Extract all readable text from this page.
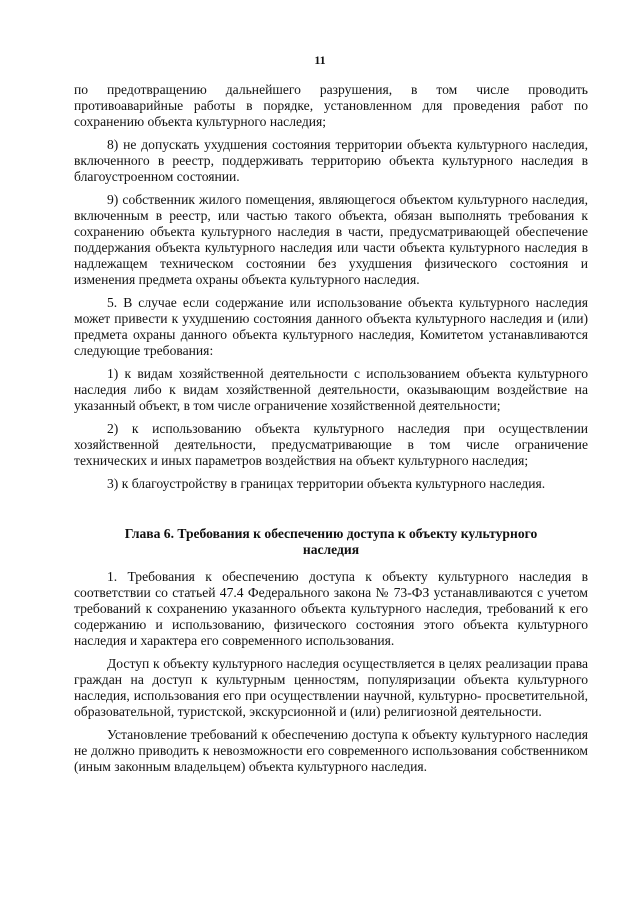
11

по предотвращению дальнейшего разрушения, в том числе проводить противоаварийные работы в порядке, установленном для проведения работ по сохранению объекта культурного наследия;

8) не допускать ухудшения состояния территории объекта культурного наследия, включенного в реестр, поддерживать территорию объекта культурного наследия в благоустроенном состоянии.

9) собственник жилого помещения, являющегося объектом культурного наследия, включенным в реестр, или частью такого объекта, обязан выполнять требования к сохранению объекта культурного наследия в части, предусматривающей обеспечение поддержания объекта культурного наследия или части объекта культурного наследия в надлежащем техническом состоянии без ухудшения физического состояния и изменения предмета охраны объекта культурного наследия.

5. В случае если содержание или использование объекта культурного наследия может привести к ухудшению состояния данного объекта культурного наследия и (или) предмета охраны данного объекта культурного наследия, Комитетом устанавливаются следующие требования:

1) к видам хозяйственной деятельности с использованием объекта культурного наследия либо к видам хозяйственной деятельности, оказывающим воздействие на указанный объект, в том числе ограничение хозяйственной деятельности;

2) к использованию объекта культурного наследия при осуществлении хозяйственной деятельности, предусматривающие в том числе ограничение технических и иных параметров воздействия на объект культурного наследия;

3) к благоустройству в границах территории объекта культурного наследия.

Глава 6. Требования к обеспечению доступа к объекту культурного наследия

1. Требования к обеспечению доступа к объекту культурного наследия в соответствии со статьей 47.4 Федерального закона № 73-ФЗ устанавливаются с учетом требований к сохранению указанного объекта культурного наследия, требований к его содержанию и использованию, физического состояния этого объекта культурного наследия и характера его современного использования.

Доступ к объекту культурного наследия осуществляется в целях реализации права граждан на доступ к культурным ценностям, популяризации объекта культурного наследия, использования его при осуществлении научной, культурно- просветительной, образовательной, туристской, экскурсионной и (или) религиозной деятельности.

Установление требований к обеспечению доступа к объекту культурного наследия не должно приводить к невозможности его современного использования собственником (иным законным владельцем) объекта культурного наследия.
